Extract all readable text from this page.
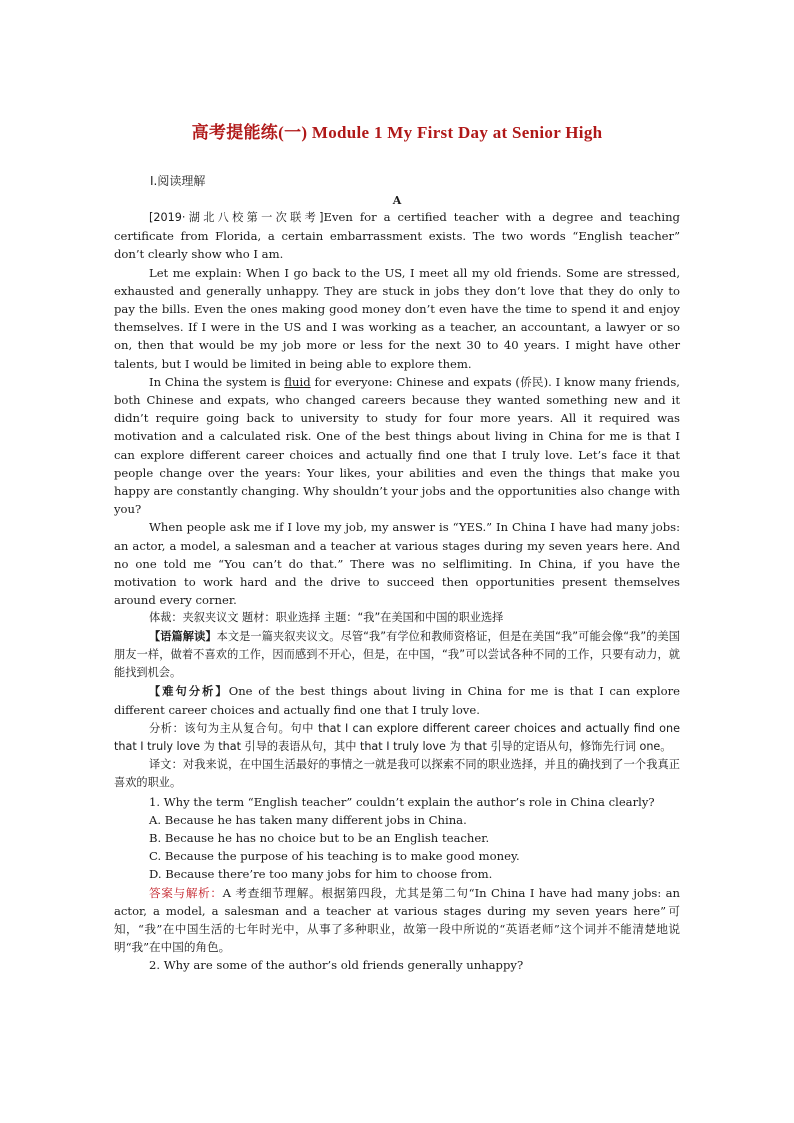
高考提能练(一) Module 1 My First Day at Senior High
Ⅰ.阅读理解
A

[2019·湖北八校第一次联考]Even for a certified teacher with a degree and teaching certificate from Florida, a certain embarrassment exists. The two words “English teacher” don’t clearly show who I am.

Let me explain: When I go back to the US, I meet all my old friends. Some are stressed, exhausted and generally unhappy. They are stuck in jobs they don’t love that they do only to pay the bills. Even the ones making good money don’t even have the time to spend it and enjoy themselves. If I were in the US and I was working as a teacher, an accountant, a lawyer or so on, then that would be my job more or less for the next 30 to 40 years. I might have other talents, but I would be limited in being able to explore them.

In China the system is fluid for everyone: Chinese and expats (侨民). I know many friends, both Chinese and expats, who changed careers because they wanted something new and it didn’t require going back to university to study for four more years. All it required was motivation and a calculated risk. One of the best things about living in China for me is that I can explore different career choices and actually find one that I truly love. Let’s face it that people change over the years: Your likes, your abilities and even the things that make you happy are constantly changing. Why shouldn’t your jobs and the opportunities also change with you?

When people ask me if I love my job, my answer is “YES.” In China I have had many jobs: an actor, a model, a salesman and a teacher at various stages during my seven years here. And no one told me “You can’t do that.” There was no selflimiting. In China, if you have the motivation to work hard and the drive to succeed then opportunities present themselves around every corner.

体裁：夹叙夹议文 题材：职业选择 主题：“我”在美国和中国的职业选择

【语篇解读】本文是一篇夹叙夹议文。尽管“我”有学位和教师资格证，但是在美国“我”可能会像“我”的美国朋友一样，做着不喜欢的工作，因而感到不开心，但是，在中国，“我”可以尝试各种不同的工作，只要有动力，就能找到机会。

【难句分析】One of the best things about living in China for me is that I can explore different career choices and actually find one that I truly love.

分析：该句为主从复合句。句中 that I can explore different career choices and actually find one that I truly love 为 that 引导的表语从句，其中 that I truly love 为 that 引导的定语从句，修饰先行词 one。

译文：对我来说，在中国生活最好的事情之一就是我可以探索不同的职业选择，并且的确找到了一个我真正喜欢的职业。

1. Why the term “English teacher” couldn’t explain the author’s role in China clearly?

A. Because he has taken many different jobs in China.

B. Because he has no choice but to be an English teacher.

C. Because the purpose of his teaching is to make good money.

D. Because there’re too many jobs for him to choose from.

答案与解析：A 考查细节理解。根据第四段，尤其是第二句“In China I have had many jobs: an actor, a model, a salesman and a teacher at various stages during my seven years here”可知，“我”在中国生活的七年时光中，从事了多种职业，故第一段中所说的“英语老师”这个词并不能清楚地说明“我”在中国的角色。

2. Why are some of the author’s old friends generally unhappy?
